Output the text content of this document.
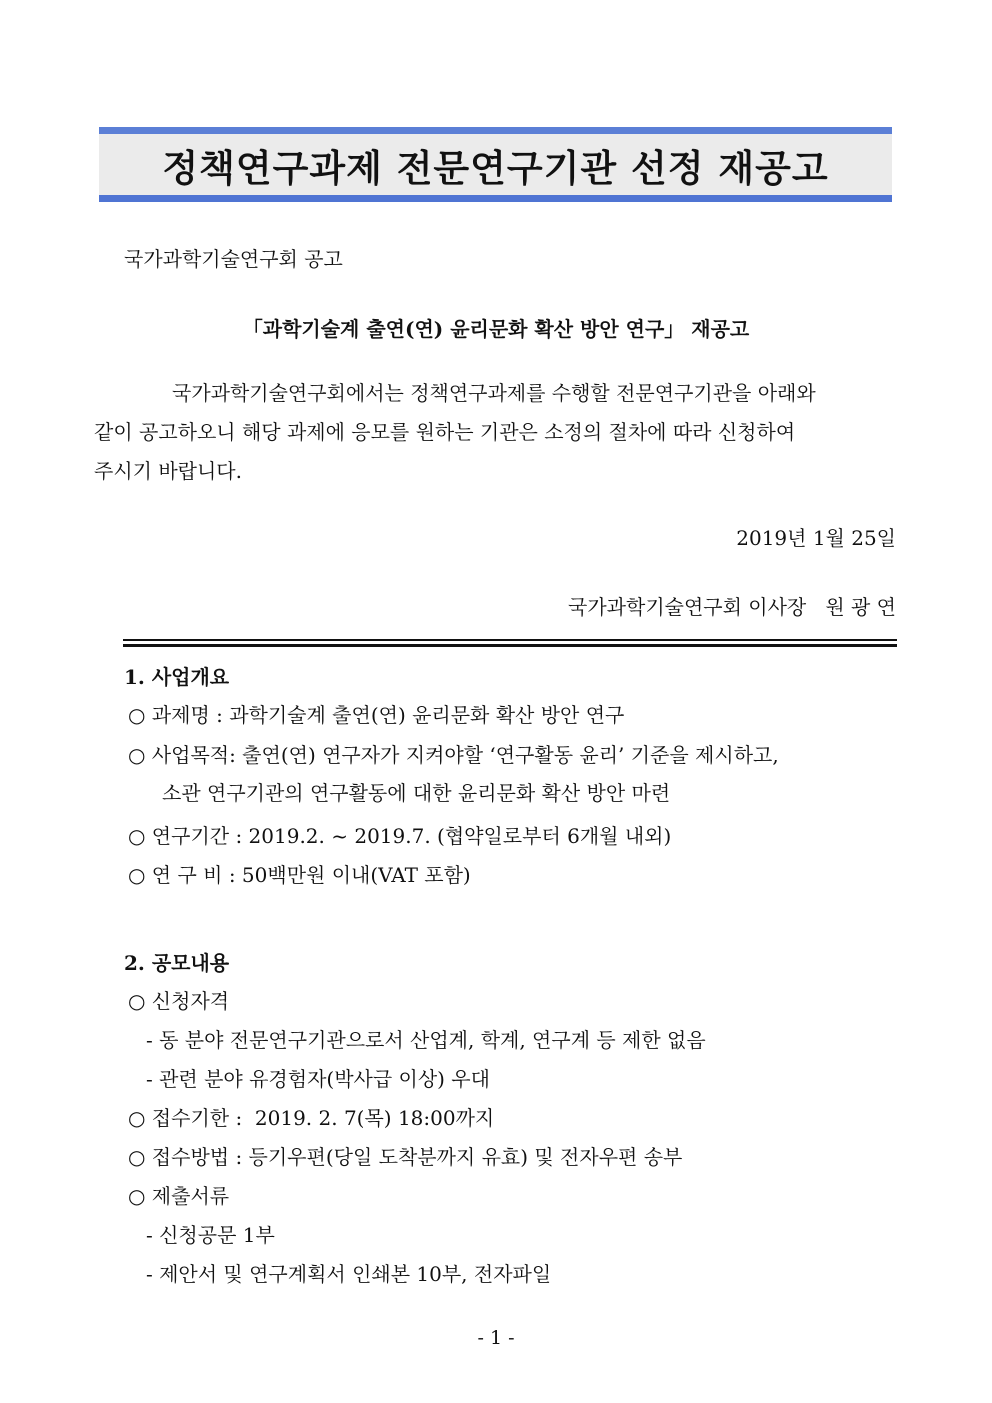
정책연구과제 전문연구기관 선정 재공고
국가과학기술연구회 공고
「과학기술계 출연(연) 윤리문화 확산 방안 연구」 재공고
국가과학기술연구회에서는 정책연구과제를 수행할 전문연구기관을 아래와
같이 공고하오니 해당 과제에 응모를 원하는 기관은 소정의 절차에 따라 신청하여
주시기 바랍니다.
2019년 1월 25일
국가과학기술연구회 이사장   원 광 연
1. 사업개요
○ 과제명 : 과학기술계 출연(연) 윤리문화 확산 방안 연구
○ 사업목적: 출연(연) 연구자가 지켜야할 ‘연구활동 윤리’ 기준을 제시하고,
소관 연구기관의 연구활동에 대한 윤리문화 확산 방안 마련
○ 연구기간 : 2019.2. ~ 2019.7. (협약일로부터 6개월 내외)
○ 연 구 비 : 50백만원 이내(VAT 포함)
2. 공모내용
○ 신청자격
- 동 분야 전문연구기관으로서 산업계, 학계, 연구계 등 제한 없음
- 관련 분야 유경험자(박사급 이상) 우대
○ 접수기한 :  2019. 2. 7(목) 18:00까지
○ 접수방법 : 등기우편(당일 도착분까지 유효) 및 전자우편 송부
○ 제출서류
- 신청공문 1부
- 제안서 및 연구계획서 인쇄본 10부, 전자파일
- 1 -
